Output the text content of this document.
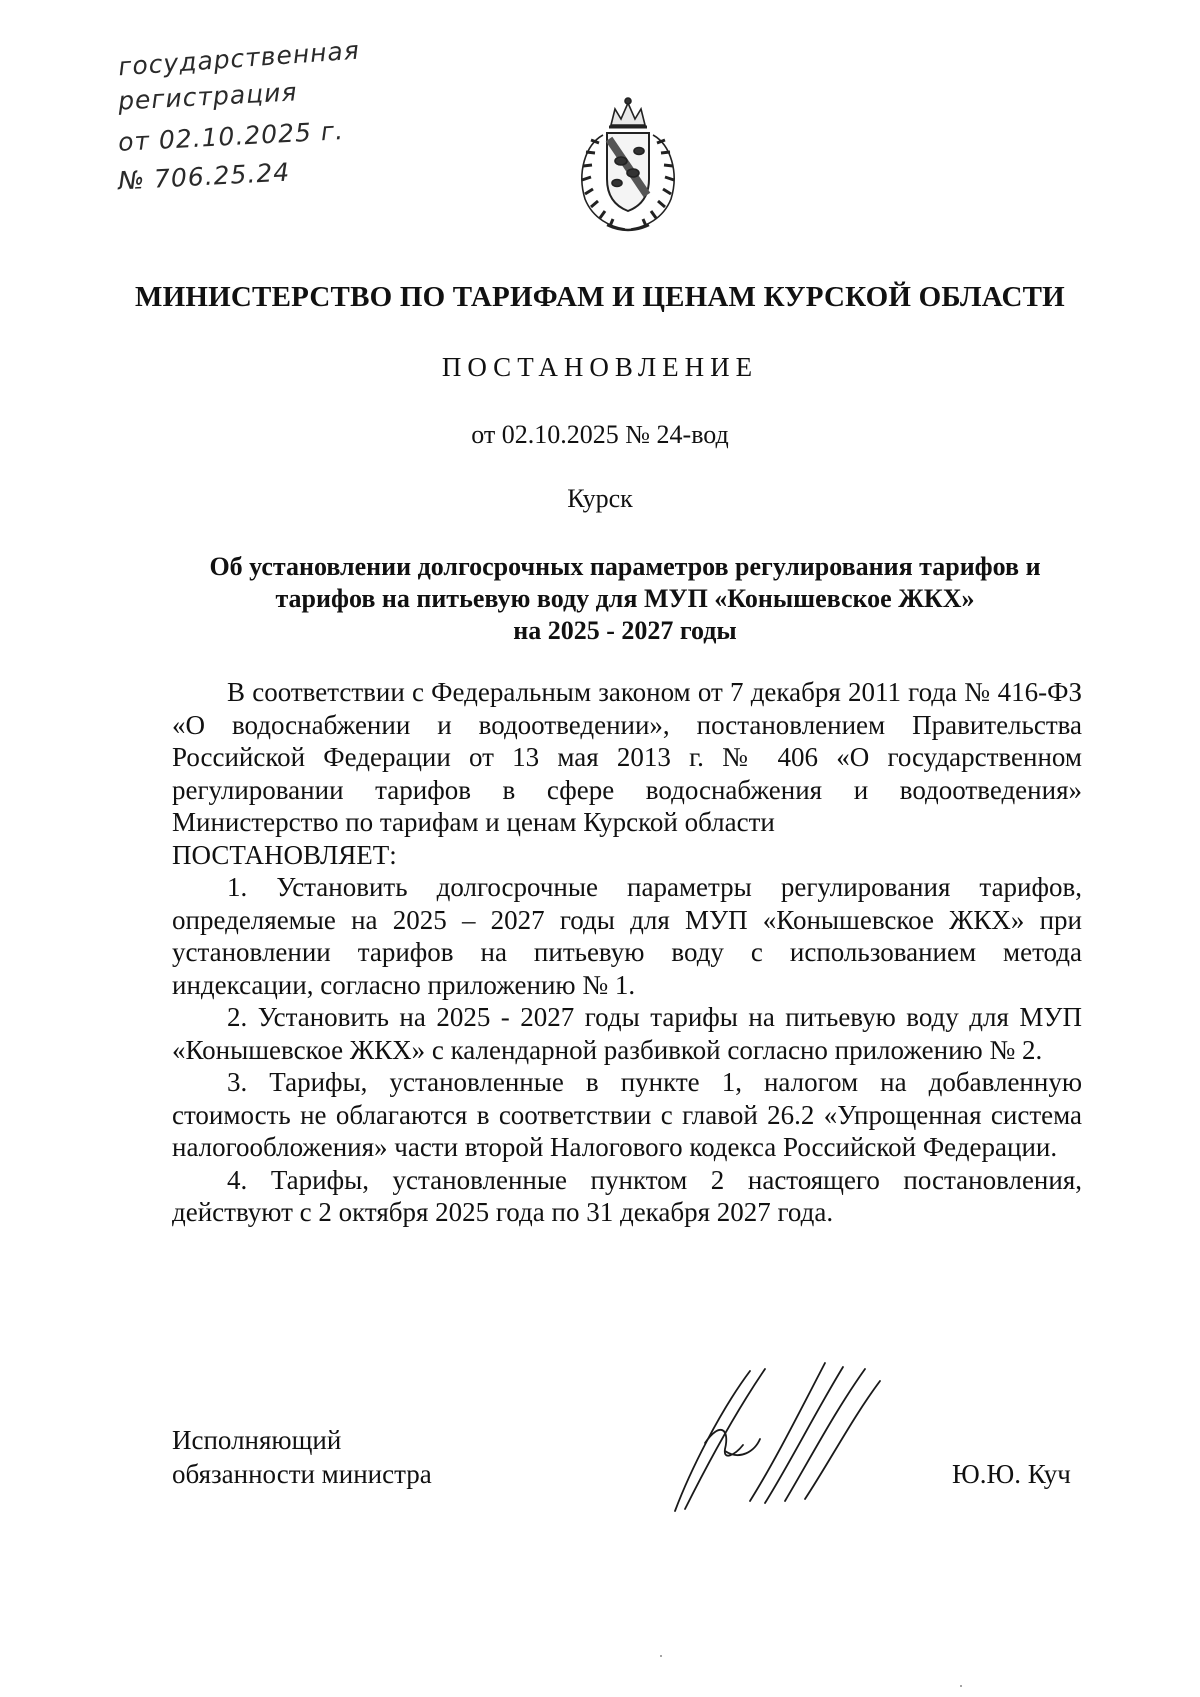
государственная
регистрация
от 02.10.2025 г.
№ 706.25.24
МИНИСТЕРСТВО ПО ТАРИФАМ И ЦЕНАМ КУРСКОЙ ОБЛАСТИ
ПОСТАНОВЛЕНИЕ
от 02.10.2025 № 24-вод
Курск
Об установлении долгосрочных параметров регулирования тарифов и
тарифов на питьевую воду для МУП «Конышевское ЖКХ»
на 2025 - 2027 годы

В соответствии с Федеральным законом от 7 декабря 2011 года № 416-ФЗ «О водоснабжении и водоотведении», постановлением Правительства Российской Федерации от 13 мая 2013 г. № 406 «О государственном регулировании тарифов в сфере водоснабжения и водоотведения» Министерство по тарифам и ценам Курской области

ПОСТАНОВЛЯЕТ:

1. Установить долгосрочные параметры регулирования тарифов, определяемые на 2025 – 2027 годы для МУП «Конышевское ЖКХ» при установлении тарифов на питьевую воду с использованием метода индексации, согласно приложению № 1.

2. Установить на 2025 - 2027 годы тарифы на питьевую воду для МУП «Конышевское ЖКХ» с календарной разбивкой согласно приложению № 2.

3. Тарифы, установленные в пункте 1, налогом на добавленную стоимость не облагаются в соответствии с главой 26.2 «Упрощенная система налогообложения» части второй Налогового кодекса Российской Федерации.

4. Тарифы, установленные пунктом 2 настоящего постановления, действуют с 2 октября 2025 года по 31 декабря 2027 года.

Исполняющий
обязанности министра	Ю.Ю. Куч
